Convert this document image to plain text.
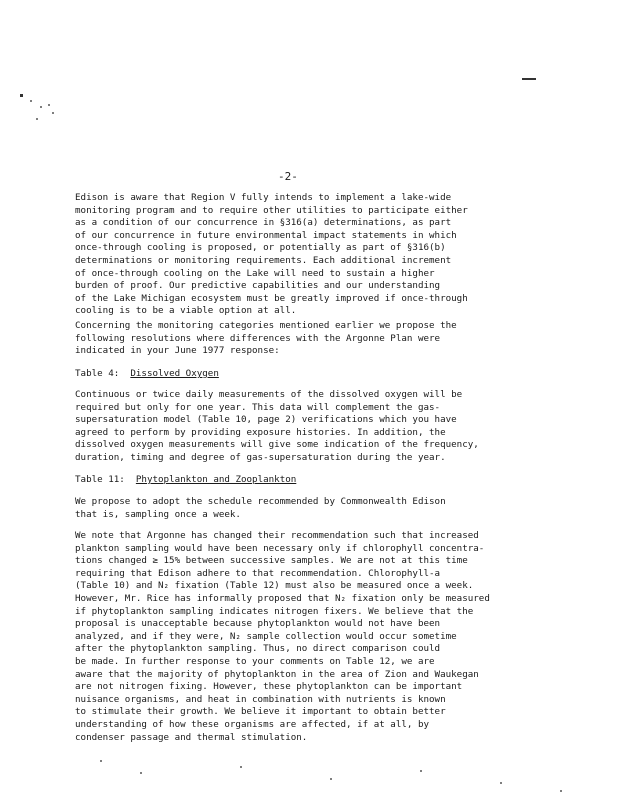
-2-
Edison is aware that Region V fully intends to implement a lake-wide
monitoring program and to require other utilities to participate either
as a condition of our concurrence in §316(a) determinations, as part
of our concurrence in future environmental impact statements in which
once-through cooling is proposed, or potentially as part of §316(b)
determinations or monitoring requirements. Each additional increment
of once-through cooling on the Lake will need to sustain a higher
burden of proof. Our predictive capabilities and our understanding
of the Lake Michigan ecosystem must be greatly improved if once-through
cooling is to be a viable option at all.
Concerning the monitoring categories mentioned earlier we propose the
following resolutions where differences with the Argonne Plan were
indicated in your June 1977 response:
Table 4: Dissolved Oxygen
Continuous or twice daily measurements of the dissolved oxygen will be
required but only for one year. This data will complement the gas-
supersaturation model (Table 10, page 2) verifications which you have
agreed to perform by providing exposure histories. In addition, the
dissolved oxygen measurements will give some indication of the frequency,
duration, timing and degree of gas-supersaturation during the year.
Table 11: Phytoplankton and Zooplankton
We propose to adopt the schedule recommended by Commonwealth Edison
that is, sampling once a week.
We note that Argonne has changed their recommendation such that increased
plankton sampling would have been necessary only if chlorophyll concentra-
tions changed ≥ 15% between successive samples. We are not at this time
requiring that Edison adhere to that recommendation. Chlorophyll-a
(Table 10) and N₂ fixation (Table 12) must also be measured once a week.
However, Mr. Rice has informally proposed that N₂ fixation only be measured
if phytoplankton sampling indicates nitrogen fixers. We believe that the
proposal is unacceptable because phytoplankton would not have been
analyzed, and if they were, N₂ sample collection would occur sometime
after the phytoplankton sampling. Thus, no direct comparison could
be made. In further response to your comments on Table 12, we are
aware that the majority of phytoplankton in the area of Zion and Waukegan
are not nitrogen fixing. However, these phytoplankton can be important
nuisance organisms, and heat in combination with nutrients is known
to stimulate their growth. We believe it important to obtain better
understanding of how these organisms are affected, if at all, by
condenser passage and thermal stimulation.
